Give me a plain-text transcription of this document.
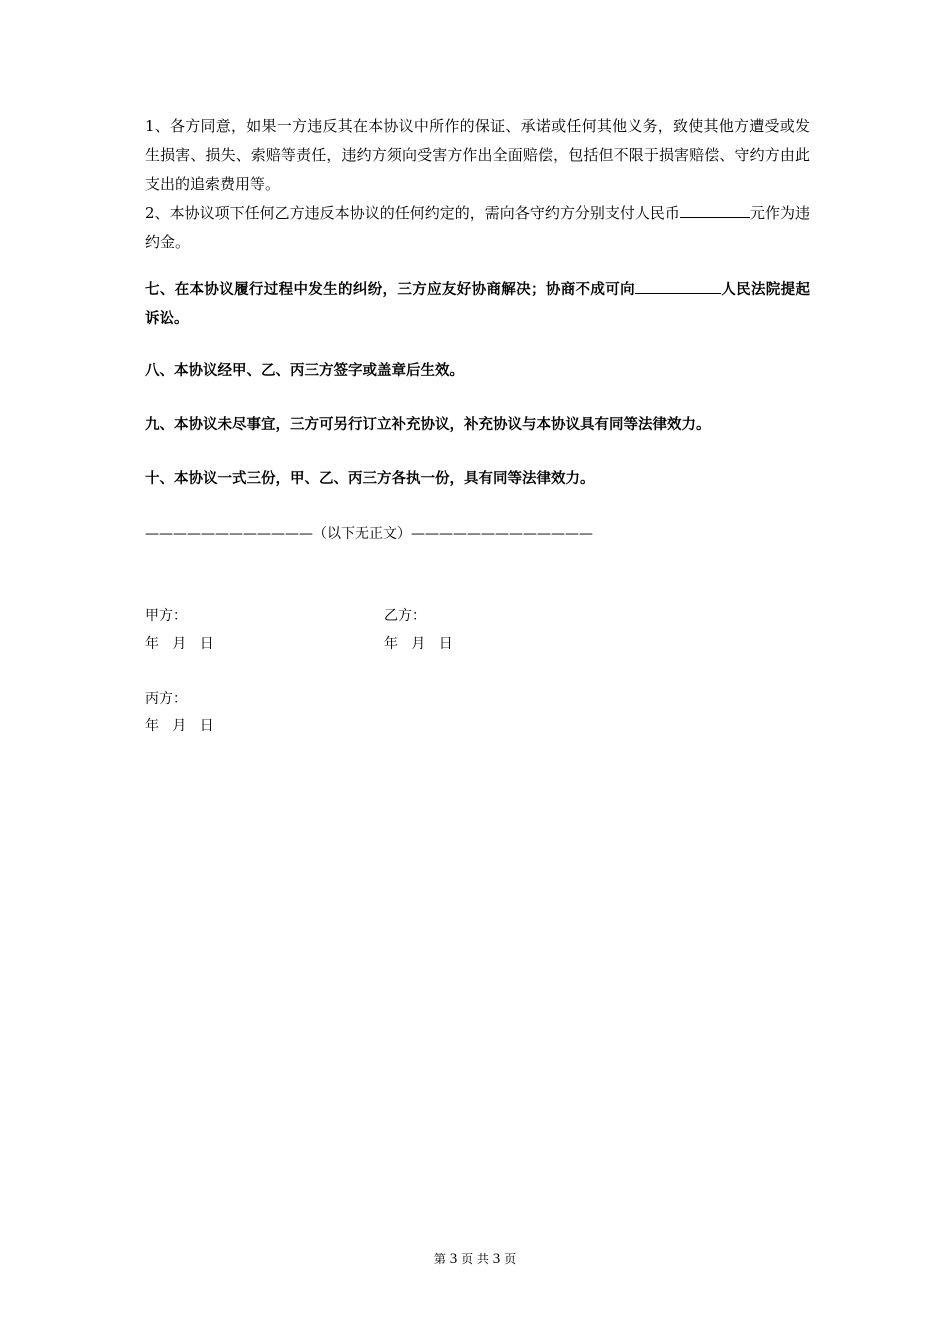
1、各方同意，如果一方违反其在本协议中所作的保证、承诺或任何其他义务，致使其他方遭受或发生损害、损失、索赔等责任，违约方须向受害方作出全面赔偿，包括但不限于损害赔偿、守约方由此支出的追索费用等。
2、本协议项下任何乙方违反本协议的任何约定的，需向各守约方分别支付人民币	元作为违约金。
七、在本协议履行过程中发生的纠纷，三方应友好协商解决；协商不成可向	人民法院提起诉讼。
八、本协议经甲、乙、丙三方签字或盖章后生效。
九、本协议未尽事宜，三方可另行订立补充协议，补充协议与本协议具有同等法律效力。
十、本协议一式三份，甲、乙、丙三方各执一份，具有同等法律效力。
————————————（以下无正文）—————————————
甲方：
年   月   日
乙方：
年   月   日
丙方：
年   月   日
第 3 页 共 3 页
